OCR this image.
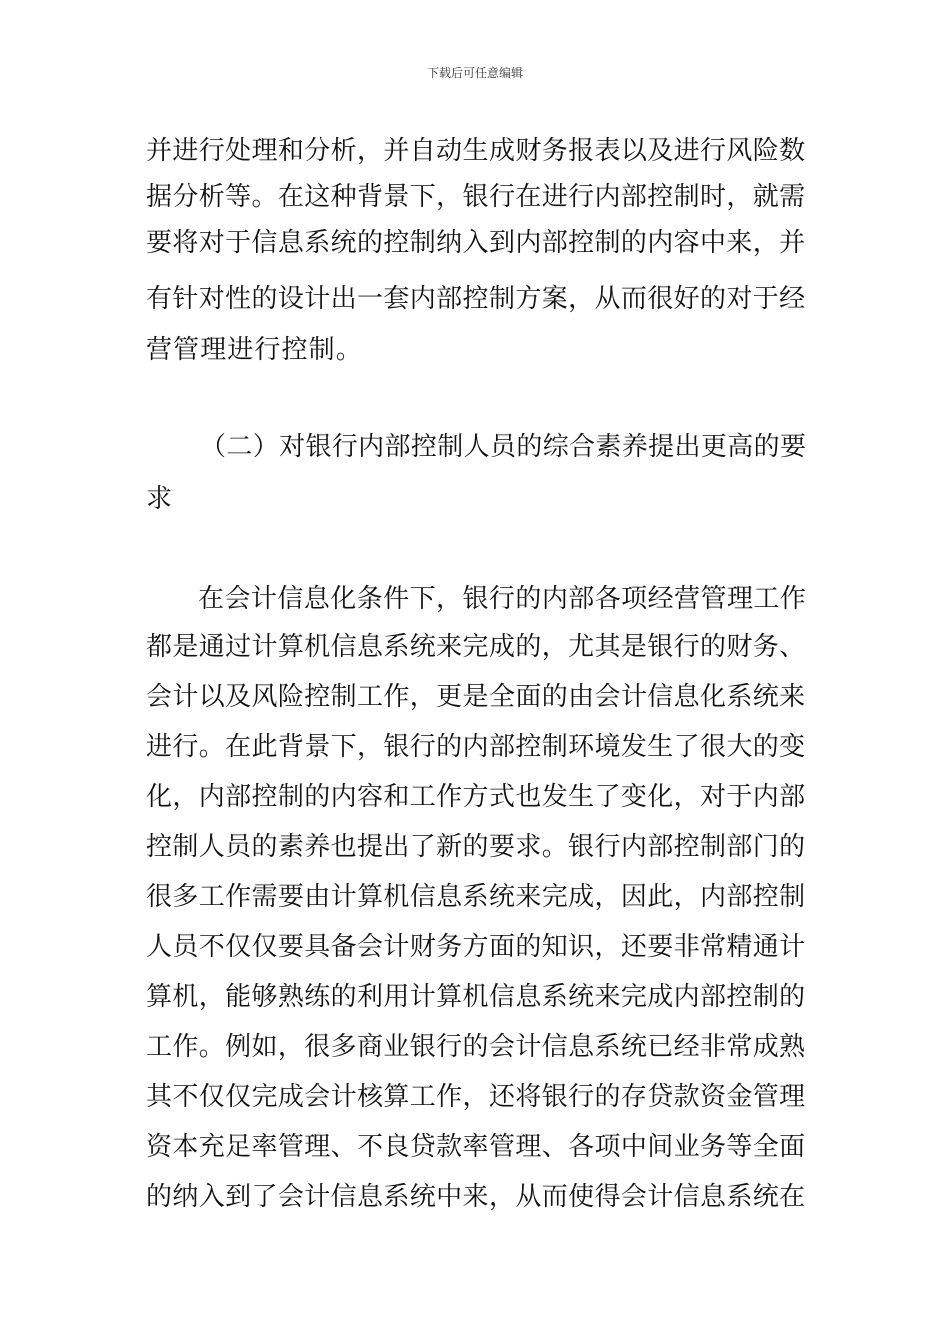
下载后可任意编辑
并进行处理和分析，并自动生成财务报表以及进行风险数
据分析等。在这种背景下，银行在进行内部控制时，就需
要将对于信息系统的控制纳入到内部控制的内容中来，并
有针对性的设计出一套内部控制方案，从而很好的对于经
营管理进行控制。
（二）对银行内部控制人员的综合素养提出更高的要
求
在会计信息化条件下，银行的内部各项经营管理工作
都是通过计算机信息系统来完成的，尤其是银行的财务、
会计以及风险控制工作，更是全面的由会计信息化系统来
进行。在此背景下，银行的内部控制环境发生了很大的变
化，内部控制的内容和工作方式也发生了变化，对于内部
控制人员的素养也提出了新的要求。银行内部控制部门的
很多工作需要由计算机信息系统来完成，因此，内部控制
人员不仅仅要具备会计财务方面的知识，还要非常精通计
算机，能够熟练的利用计算机信息系统来完成内部控制的
工作。例如，很多商业银行的会计信息系统已经非常成熟
其不仅仅完成会计核算工作，还将银行的存贷款资金管理
资本充足率管理、不良贷款率管理、各项中间业务等全面
的纳入到了会计信息系统中来，从而使得会计信息系统在
